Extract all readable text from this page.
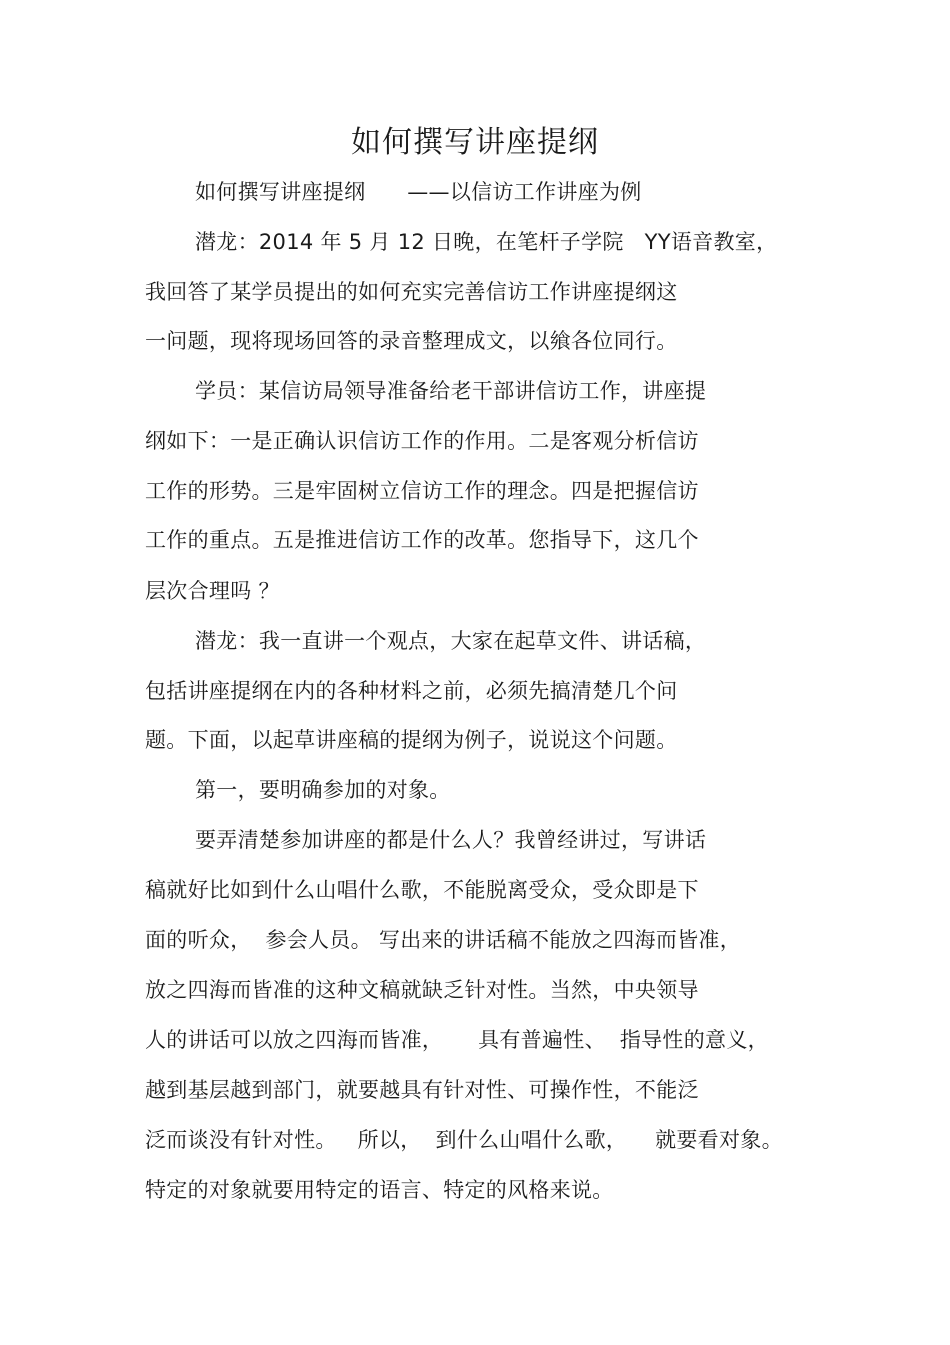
如何撰写讲座提纲
如何撰写讲座提纲      ——以信访工作讲座为例
潜龙：2014 年 5 月 12 日晚，在笔杆子学院   YY语音教室，
我回答了某学员提出的如何充实完善信访工作讲座提纲这
一问题，现将现场回答的录音整理成文，以飨各位同行。
学员：某信访局领导准备给老干部讲信访工作，讲座提
纲如下：一是正确认识信访工作的作用。二是客观分析信访
工作的形势。三是牢固树立信访工作的理念。四是把握信访
工作的重点。五是推进信访工作的改革。您指导下，这几个
层次合理吗 ？
潜龙：我一直讲一个观点，大家在起草文件、讲话稿，
包括讲座提纲在内的各种材料之前，必须先搞清楚几个问
题。下面，以起草讲座稿的提纲为例子，说说这个问题。
第一，要明确参加的对象。
要弄清楚参加讲座的都是什么人？我曾经讲过，写讲话
稿就好比如到什么山唱什么歌，不能脱离受众，受众即是下
面的听众，  参会人员。 写出来的讲话稿不能放之四海而皆准，
放之四海而皆准的这种文稿就缺乏针对性。当然，中央领导
人的讲话可以放之四海而皆准，     具有普遍性、  指导性的意义，
越到基层越到部门，就要越具有针对性、可操作性，不能泛
泛而谈没有针对性。   所以，  到什么山唱什么歌，    就要看对象。
特定的对象就要用特定的语言、特定的风格来说。
